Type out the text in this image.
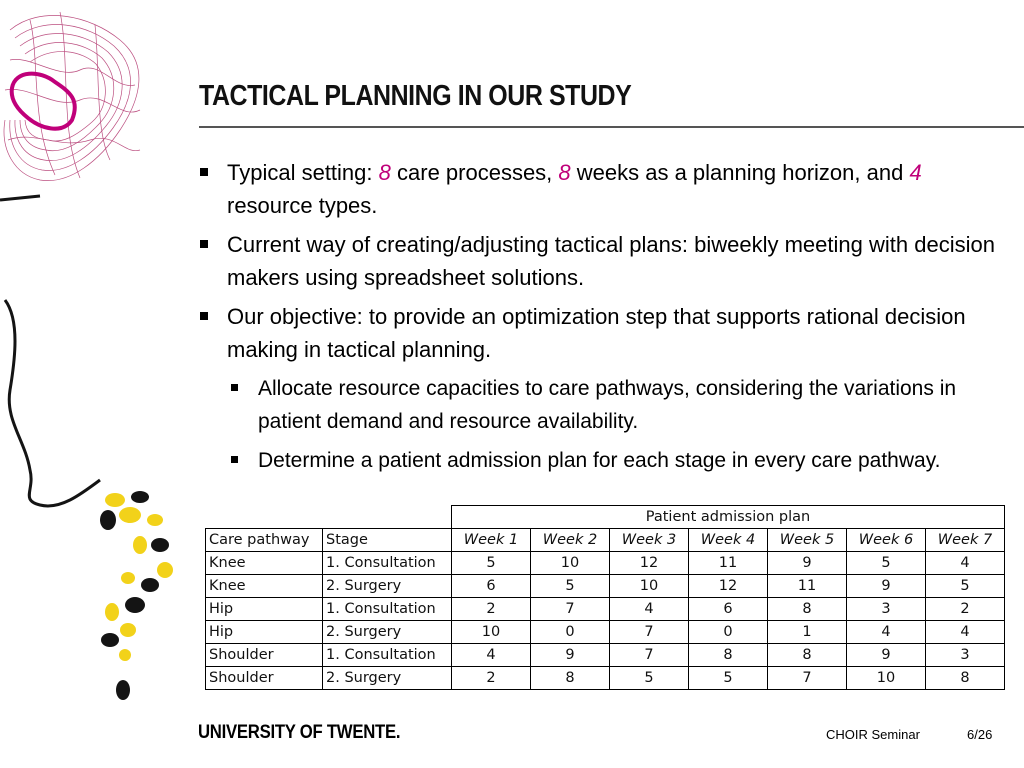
TACTICAL PLANNING IN OUR STUDY
Typical setting: 8 care processes, 8 weeks as a planning horizon, and 4 resource types.
Current way of creating/adjusting tactical plans: biweekly meeting with decision makers using spreadsheet solutions.
Our objective: to provide an optimization step that supports rational decision making in tactical planning.
Allocate resource capacities to care pathways, considering the variations in patient demand and resource availability.
Determine a patient admission plan for each stage in every care pathway.
		Patient admission plan						
Care pathway	Stage	Week 1	Week 2	Week 3	Week 4	Week 5	Week 6	Week 7
Knee	1. Consultation	5	10	12	11	9	5	4
Knee	2. Surgery	6	5	10	12	11	9	5
Hip	1. Consultation	2	7	4	6	8	3	2
Hip	2. Surgery	10	0	7	0	1	4	4
Shoulder	1. Consultation	4	9	7	8	8	9	3
Shoulder	2. Surgery	2	8	5	5	7	10	8
UNIVERSITY OF TWENTE.	CHOIR Seminar	6/26
